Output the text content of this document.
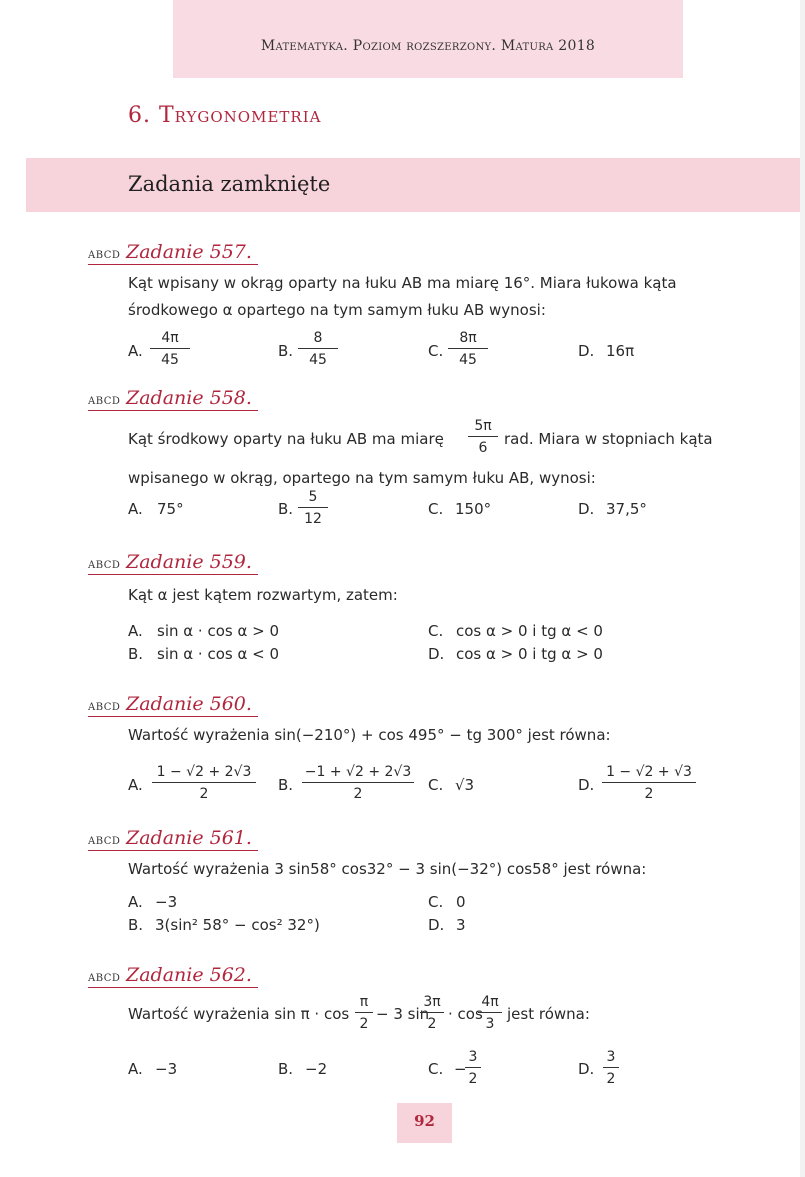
Matematyka. Poziom rozszerzony. Matura 2018
6. Trygonometria
Zadania zamknięte
ABCD Zadanie 557.
Kąt wpisany w okrąg oparty na łuku AB ma miarę 16°. Miara łukowa kąta
środkowego α opartego na tym samym łuku AB wynosi:
A. $\frac{4\pi}{45}$	B. $\frac{8}{45}$	C. $\frac{8\pi}{45}$	D. 16π
ABCD Zadanie 558.
Kąt środkowy oparty na łuku AB ma miarę $\frac{5\pi}{6}$ rad. Miara w stopniach kąta
wpisanego w okrąg, opartego na tym samym łuku AB, wynosi:
A. 75°	B. $\frac{5}{12}$	C. 150°	D. 37,5°
ABCD Zadanie 559.
Kąt α jest kątem rozwartym, zatem:
A. sin α · cos α > 0
B. sin α · cos α < 0
C. cos α > 0 i tg α < 0
D. cos α > 0 i tg α > 0
ABCD Zadanie 560.
Wartość wyrażenia sin(−210°) + cos 495° − tg 300° jest równa:
A. $\frac{1 - √2 + 2√3}{2} B$. $\frac{-1 + √2 + 2√3}{2} C$. √3	D. $\frac{1 - √2 + √3}{2}$
ABCD Zadanie 561.
Wartość wyrażenia 3 sin58° cos32° − 3 sin(−32°) cos58° jest równa:
A. −3
B. 3(sin² 58° − cos² 32°)
C. 0
D. 3
ABCD Zadanie 562.
Wartość wyrażenia $\sin \pi \cdot \cos \frac{\pi}{2} - 3$ sin
$\frac{3\pi}{2} \cdot \cos$
$\frac{4\pi}{3}$ jest równa:
A. −3	B. −2	C. −
$\frac{3}{2}$	D. $\frac{3}{2}$
92
